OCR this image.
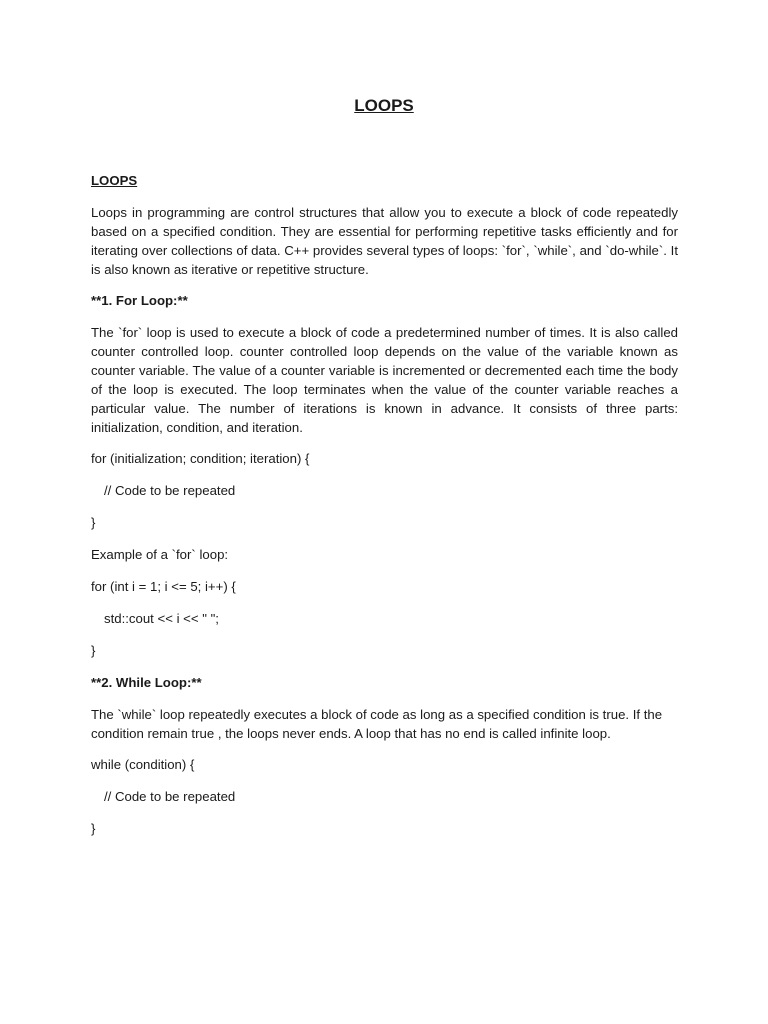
LOOPS

LOOPS

Loops in programming are control structures that allow you to execute a block of code repeatedly based on a specified condition. They are essential for performing repetitive tasks efficiently and for iterating over collections of data. C++ provides several types of loops: `for`, `while`, and `do-while`. It is also known as iterative or repetitive structure.

**1. For Loop:**

The `for` loop is used to execute a block of code a predetermined number of times. It is also called counter controlled loop. counter controlled loop depends on the value of the variable known as counter variable. The value of a counter variable is incremented or decremented each time the body of the loop is executed. The loop terminates when the value of the counter variable reaches a particular value. The number of iterations is known in advance. It consists of three parts: initialization, condition, and iteration.

for (initialization; condition; iteration) {

// Code to be repeated

}

Example of a `for` loop:

for (int i = 1; i <= 5; i++) {

std::cout << i << " ";

}

**2. While Loop:**

The `while` loop repeatedly executes a block of code as long as a specified condition is true. If the condition remain true , the loops never ends. A loop that has no end is called infinite loop.

while (condition) {

// Code to be repeated

}
